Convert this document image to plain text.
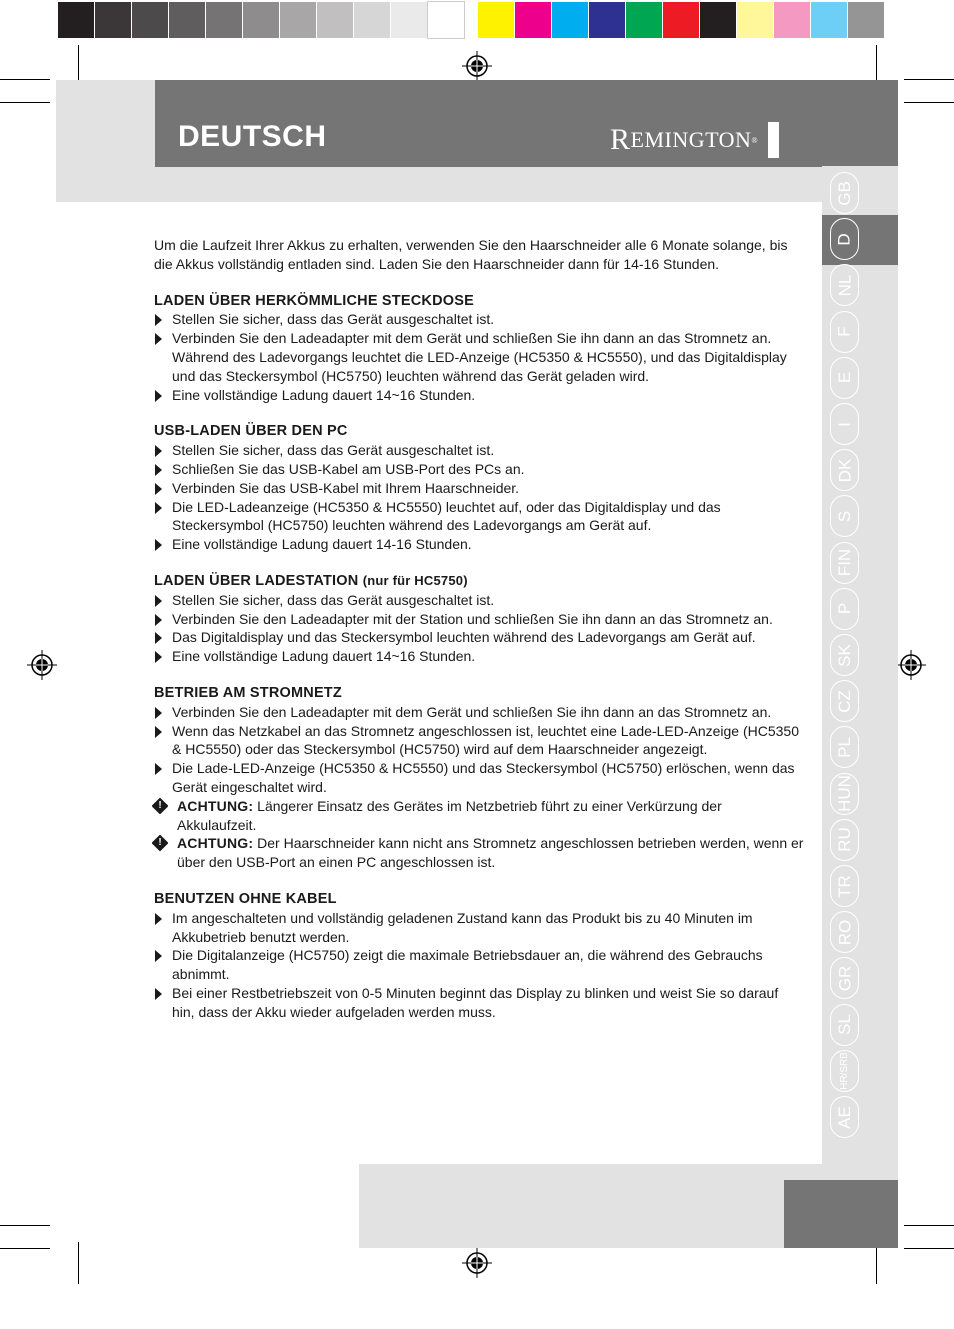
DEUTSCH	R EMINGTON ®
GB
D
NL
F
E
I
DK
S
FIN
P
SK
CZ
PL
HUN
RU
TR
RO
GR
SL
HR/SRB
AE

Um die Laufzeit Ihrer Akkus zu erhalten, verwenden Sie den Haarschneider alle 6 Monate solange, bis die Akkus vollständig entladen sind. Laden Sie den Haarschneider dann für 14-16 Stunden.

LADEN ÜBER HERKÖMMLICHE STECKDOSE
Stellen Sie sicher, dass das Gerät ausgeschaltet ist.
Verbinden Sie den Ladeadapter mit dem Gerät und schließen Sie ihn dann an das Stromnetz an. Während des Ladevorgangs leuchtet die LED-Anzeige (HC5350 & HC5550), und das Digitaldisplay und das Steckersymbol (HC5750) leuchten während das Gerät geladen wird.
Eine vollständige Ladung dauert 14~16 Stunden.
USB-LADEN ÜBER DEN PC
Stellen Sie sicher, dass das Gerät ausgeschaltet ist.
Schließen Sie das USB-Kabel am USB-Port des PCs an.
Verbinden Sie das USB-Kabel mit Ihrem Haarschneider.
Die LED-Ladeanzeige (HC5350 & HC5550) leuchtet auf, oder das Digitaldisplay und das Steckersymbol (HC5750) leuchten während des Ladevorgangs am Gerät auf.
Eine vollständige Ladung dauert 14-16 Stunden.
LADEN ÜBER LADESTATION (nur für HC5750)
Stellen Sie sicher, dass das Gerät ausgeschaltet ist.
Verbinden Sie den Ladeadapter mit der Station und schließen Sie ihn dann an das Stromnetz an.
Das Digitaldisplay und das Steckersymbol leuchten während des Ladevorgangs am Gerät auf.
Eine vollständige Ladung dauert 14~16 Stunden.
BETRIEB AM STROMNETZ
Verbinden Sie den Ladeadapter mit dem Gerät und schließen Sie ihn dann an das Stromnetz an.
Wenn das Netzkabel an das Stromnetz angeschlossen ist, leuchtet eine Lade-LED-Anzeige (HC5350 & HC5550) oder das Steckersymbol (HC5750) wird auf dem Haarschneider angezeigt.
Die Lade-LED-Anzeige (HC5350 & HC5550) und das Steckersymbol (HC5750) erlöschen, wenn das Gerät eingeschaltet wird.
!	ACHTUNG: Längerer Einsatz des Gerätes im Netzbetrieb führt zu einer Verkürzung der Akkulaufzeit.
!	ACHTUNG: Der Haarschneider kann nicht ans Stromnetz angeschlossen betrieben werden, wenn er über den USB-Port an einen PC angeschlossen ist.
BENUTZEN OHNE KABEL
Im angeschalteten und vollständig geladenen Zustand kann das Produkt bis zu 40 Minuten im Akkubetrieb benutzt werden.
Die Digitalanzeige (HC5750) zeigt die maximale Betriebsdauer an, die während des Gebrauchs abnimmt.
Bei einer Restbetriebszeit von 0-5 Minuten beginnt das Display zu blinken und weist Sie so darauf hin, dass der Akku wieder aufgeladen werden muss.
